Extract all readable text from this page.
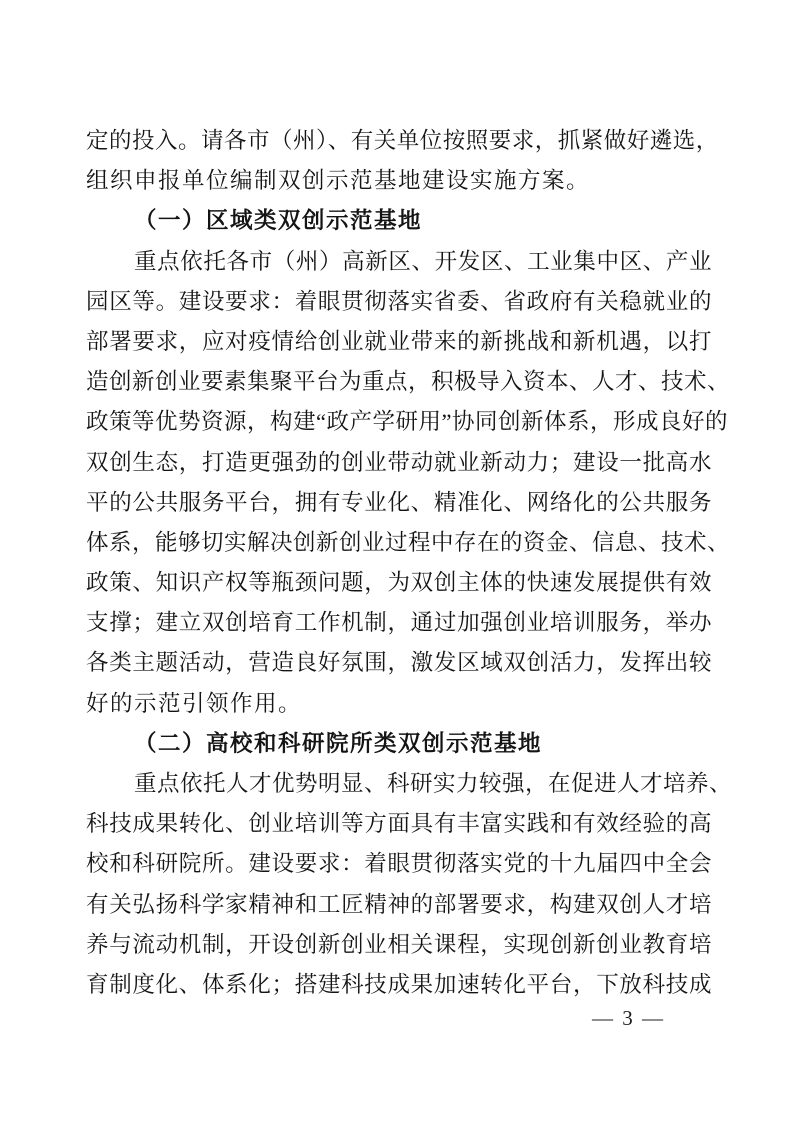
定的投入。请各市（州）、有关单位按照要求，抓紧做好遴选，
组织申报单位编制双创示范基地建设实施方案。
（一）区域类双创示范基地
重点依托各市（州）高新区、开发区、工业集中区、产业
园区等。建设要求：着眼贯彻落实省委、省政府有关稳就业的
部署要求，应对疫情给创业就业带来的新挑战和新机遇，以打
造创新创业要素集聚平台为重点，积极导入资本、人才、技术、
政策等优势资源，构建“政产学研用”协同创新体系，形成良好的
双创生态，打造更强劲的创业带动就业新动力；建设一批高水
平的公共服务平台，拥有专业化、精准化、网络化的公共服务
体系，能够切实解决创新创业过程中存在的资金、信息、技术、
政策、知识产权等瓶颈问题，为双创主体的快速发展提供有效
支撑；建立双创培育工作机制，通过加强创业培训服务，举办
各类主题活动，营造良好氛围，激发区域双创活力，发挥出较
好的示范引领作用。
（二）高校和科研院所类双创示范基地
重点依托人才优势明显、科研实力较强，在促进人才培养、
科技成果转化、创业培训等方面具有丰富实践和有效经验的高
校和科研院所。建设要求：着眼贯彻落实党的十九届四中全会
有关弘扬科学家精神和工匠精神的部署要求，构建双创人才培
养与流动机制，开设创新创业相关课程，实现创新创业教育培
育制度化、体系化；搭建科技成果加速转化平台，下放科技成
— 3 —
